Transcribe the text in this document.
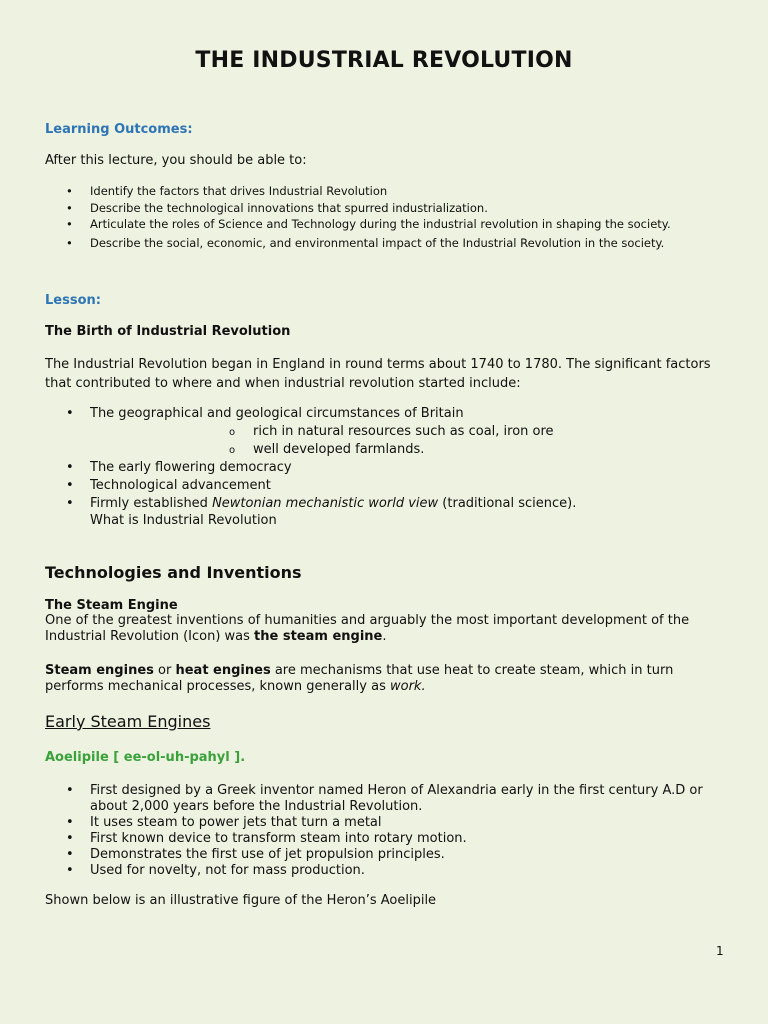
THE INDUSTRIAL REVOLUTION
Learning Outcomes:
After this lecture, you should be able to:
• Identify the factors that drives Industrial Revolution
• Describe the technological innovations that spurred industrialization.
• Articulate the roles of Science and Technology during the industrial revolution in shaping the society.
• Describe the social, economic, and environmental impact of the Industrial Revolution in the society.
Lesson:
The Birth of Industrial Revolution
The Industrial Revolution began in England in round terms about 1740 to 1780. The significant factors that contributed to where and when industrial revolution started include:
• The geographical and geological circumstances of Britain
o rich in natural resources such as coal, iron ore
o well developed farmlands.
• The early flowering democracy
• Technological advancement
• Firmly established Newtonian mechanistic world view (traditional science).
What is Industrial Revolution
Technologies and Inventions
The Steam Engine
One of the greatest inventions of humanities and arguably the most important development of the Industrial Revolution (Icon) was the steam engine.
Steam engines or heat engines are mechanisms that use heat to create steam, which in turn performs mechanical processes, known generally as work.
Early Steam Engines
Aoelipile [ ee-ol-uh-pahyl ].
• First designed by a Greek inventor named Heron of Alexandria early in the first century A.D or about 2,000 years before the Industrial Revolution.
• It uses steam to power jets that turn a metal
• First known device to transform steam into rotary motion.
• Demonstrates the first use of jet propulsion principles.
• Used for novelty, not for mass production.
Shown below is an illustrative figure of the Heron’s Aoelipile
1
